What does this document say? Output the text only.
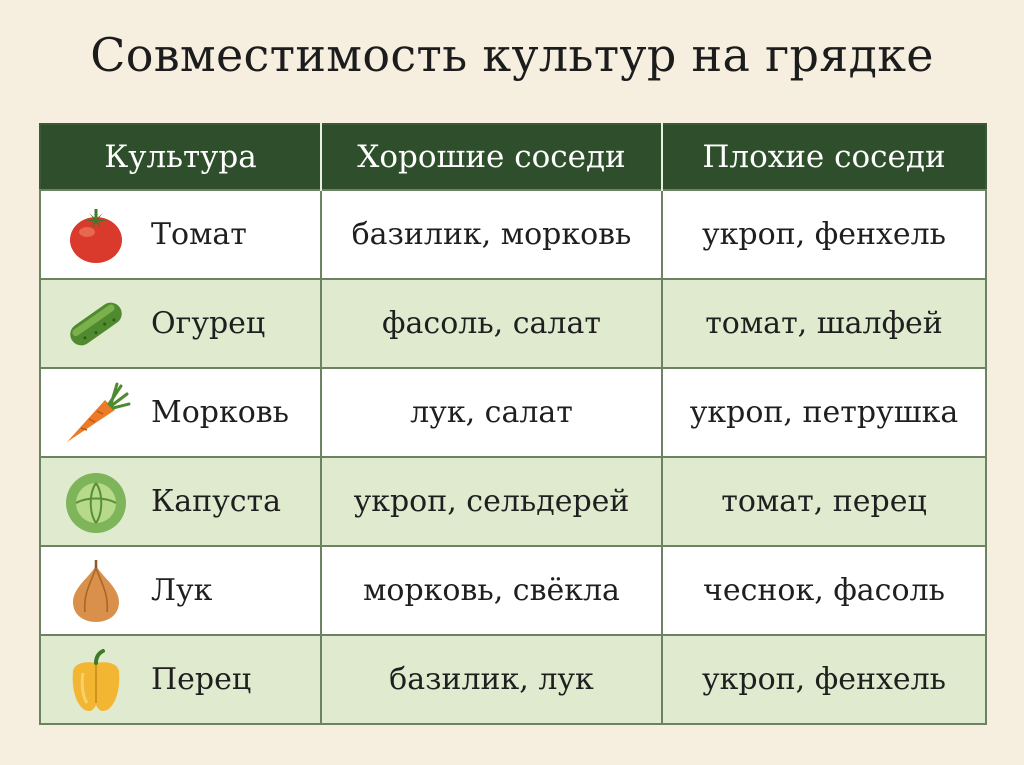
Совместимость культур на грядке
Культура	Хорошие соседи	Плохие соседи

Томат	базилик, морковь	укроп, фенхель

Огурец	фасоль, салат	томат, шалфей

Морковь	лук, салат	укроп, петрушка

Капуста	укроп, сельдерей	томат, перец

Лук	морковь, свёкла	чеснок, фасоль

Перец	базилик, лук	укроп, фенхель
